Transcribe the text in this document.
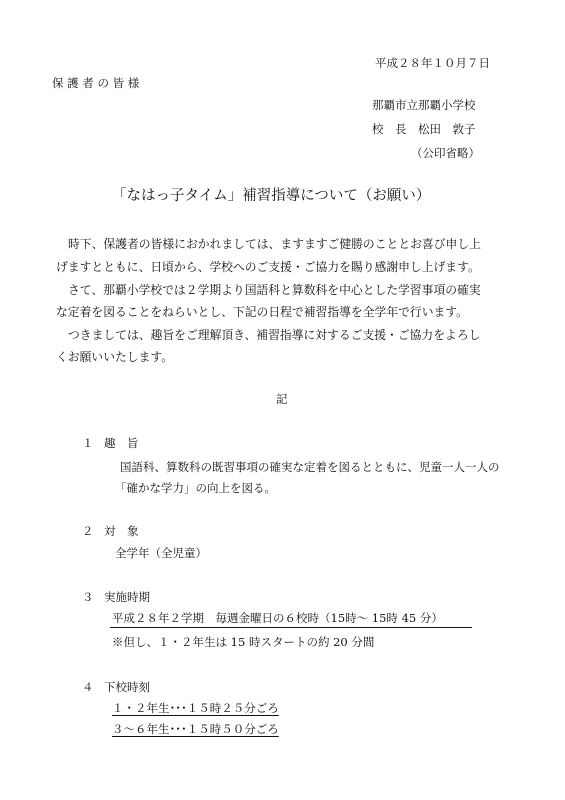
平成２８年１０月７日
保 護 者 の 皆 様
那覇市立那覇小学校
校　長　松田　敦子
（公印省略）
「なはっ子タイム」補習指導について（お願い）
時下、保護者の皆様におかれましては、ますますご健勝のこととお喜び申し上
げますとともに、日頃から、学校へのご支援・ご協力を賜り感謝申し上げます。
さて、那覇小学校では２学期より国語科と算数科を中心とした学習事項の確実
な定着を図ることをねらいとし、下記の日程で補習指導を全学年で行います。
つきましては、趣旨をご理解頂き、補習指導に対するご支援・ご協力をよろし
くお願いいたします。
記
１ 趣　旨
国語科、算数科の既習事項の確実な定着を図るとともに、児童一人一人の
「確かな学力」の向上を図る。
２ 対　象
全学年（全児童）
３ 実施時期
平成２８年２学期　毎週金曜日の６校時（15時～ 15時 45 分）
※但し、１・２年生は 15 時スタートの約 20 分間
４ 下校時刻
１・２年生･･･１５時２５分ごろ
３～６年生･･･１５時５０分ごろ
